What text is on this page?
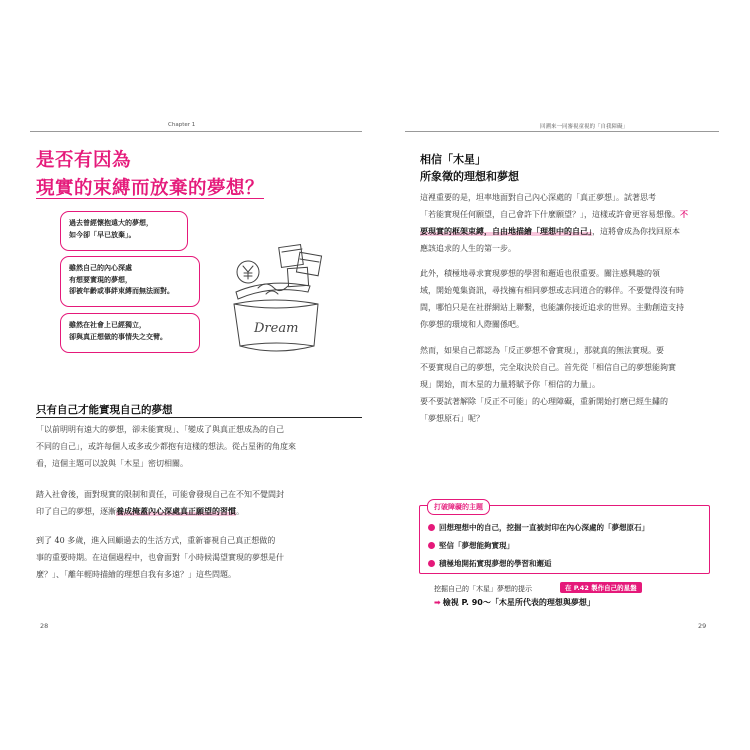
Chapter 1
是否有因為
現實的束縛而放棄的夢想？
過去曾經懷抱遠大的夢想，
如今卻「早已放棄」。
雖然自己的內心深處
有想要實現的夢想，
卻被年齡或事絆束縛而無法面對。
雖然在社會上已經獨立，
卻與真正想做的事情失之交臂。
Dream
只有自己才能實現自己的夢想
「以前明明有遠大的夢想，卻未能實現」、「變成了與真正想成為的自己
不同的自己」，或許每個人或多或少都抱有這樣的想法。從占星術的角度來
看，這個主題可以說與「木星」密切相關。
踏入社會後，面對現實的限制和責任，可能會發現自己在不知不覺間封
印了自己的夢想，逐漸養成掩蓋內心深處真正願望的習慣。
到了 40 多歲，進入回顧過去的生活方式，重新審視自己真正想做的
事的重要時期。在這個過程中，也會面對「小時候渴望實現的夢想是什
麼？」、「離年輕時描繪的理想自我有多遠？」這些問題。
28
回溯來一同審視童視的「自我障礙」
相信「木星」
所象徵的理想和夢想
這裡重要的是，坦率地面對自己內心深處的「真正夢想」。試著思考
「若能實現任何願望，自己會許下什麼願望？」，這樣或許會更容易想像。不
要現實的框架束縛，自由地描繪「理想中的自己」，這將會成為你找回原本
應該追求的人生的第一步。
此外，積極地尋求實現夢想的學習和邂逅也很重要。關注感興趣的領
域，開始蒐集資訊，尋找擁有相同夢想或志同道合的夥伴。不要覺得沒有時
間，哪怕只是在社群網站上聯繫，也能讓你接近追求的世界。主動創造支持
你夢想的環境和人際關係吧。
然而，如果自己都認為「反正夢想不會實現」，那就真的無法實現。要
不要實現自己的夢想，完全取決於自己。首先從「相信自己的夢想能夠實
現」開始，而木星的力量將賦予你「相信的力量」。
要不要試著解除「反正不可能」的心理障礙，重新開始打磨已經生鏽的
「夢想原石」呢？
打破障礙的主題
回想理想中的自己，挖掘一直被封印在內心深處的「夢想原石」
堅信「夢想能夠實現」
積極地開拓實現夢想的學習和邂逅
挖掘自己的「木星」夢想的提示	在 P.42 製作自己的星盤
➡ 檢視 P. 90～「木星所代表的理想與夢想」
29
